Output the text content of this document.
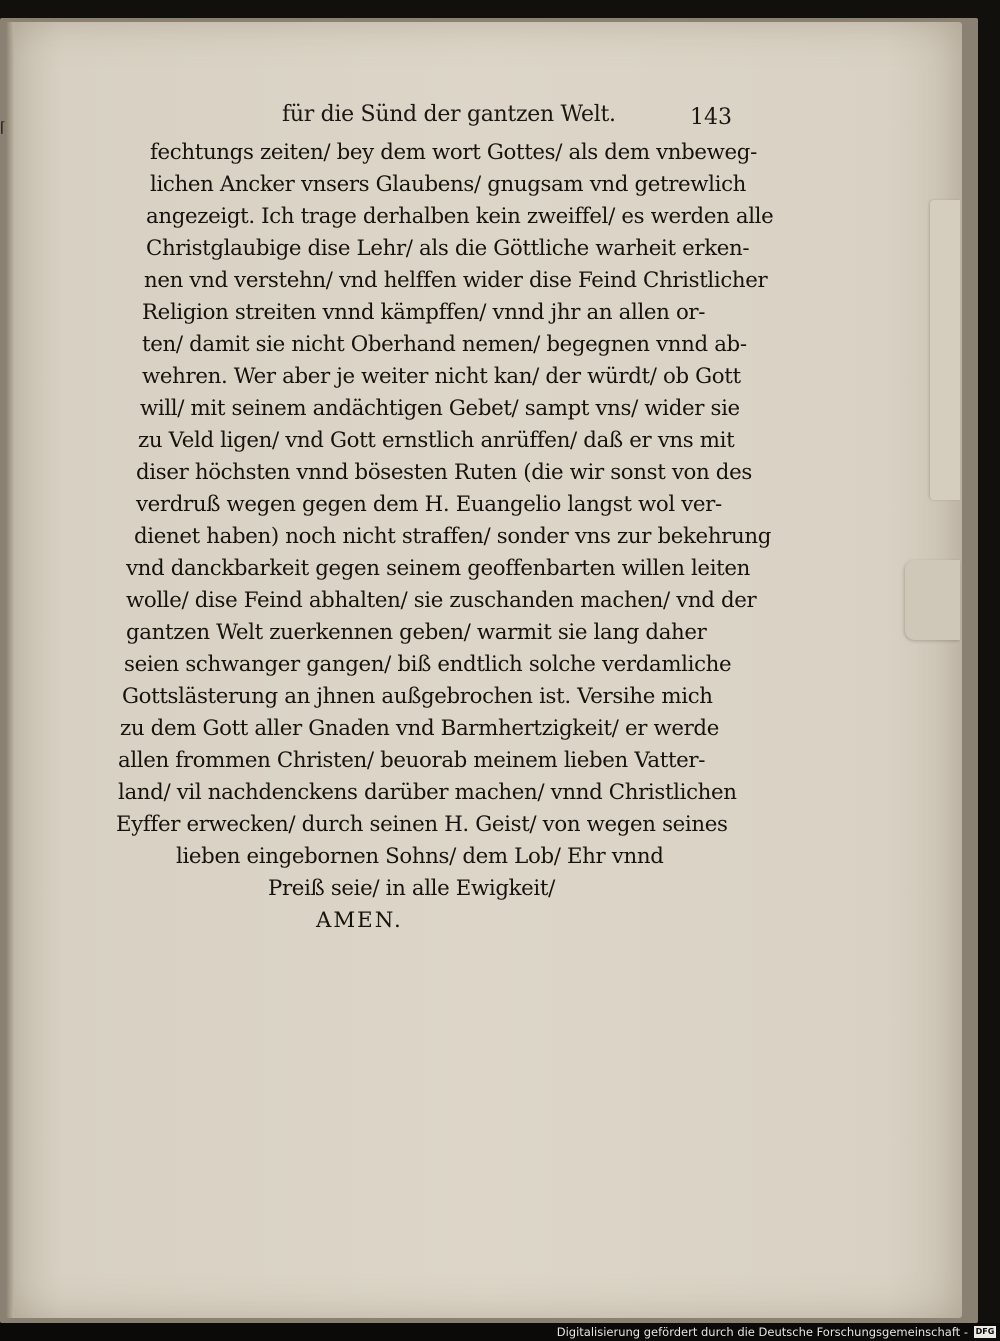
⌈
für die Sünd der gantzen Welt.	143
fechtungs zeiten/ bey dem wort Gottes/ als dem vnbeweg-
lichen Ancker vnsers Glaubens/ gnugsam vnd getrewlich
angezeigt. Ich trage derhalben kein zweiffel/ es werden alle
Christglaubige dise Lehr/ als die Göttliche warheit erken-
nen vnd verstehn/ vnd helffen wider dise Feind Christlicher
Religion streiten vnnd kämpffen/ vnnd jhr an allen or-
ten/ damit sie nicht Oberhand nemen/ begegnen vnnd ab-
wehren. Wer aber je weiter nicht kan/ der würdt/ ob Gott
will/ mit seinem andächtigen Gebet/ sampt vns/ wider sie
zu Veld ligen/ vnd Gott ernstlich anrüffen/ daß er vns mit
diser höchsten vnnd bösesten Ruten (die wir sonst von des
verdruß wegen gegen dem H. Euangelio langst wol ver-
dienet haben) noch nicht straffen/ sonder vns zur bekehrung
vnd danckbarkeit gegen seinem geoffenbarten willen leiten
wolle/ dise Feind abhalten/ sie zuschanden machen/ vnd der
gantzen Welt zuerkennen geben/ warmit sie lang daher
seien schwanger gangen/ biß endtlich solche verdamliche
Gottslästerung an jhnen außgebrochen ist. Versihe mich
zu dem Gott aller Gnaden vnd Barmhertzigkeit/ er werde
allen frommen Christen/ beuorab meinem lieben Vatter-
land/ vil nachdenckens darüber machen/ vnnd Christlichen
Eyffer erwecken/ durch seinen H. Geist/ von wegen seines
lieben eingebornen Sohns/ dem Lob/ Ehr vnnd
Preiß seie/ in alle Ewigkeit/
AMEN.
Digitalisierung gefördert durch die Deutsche Forschungsgemeinschaft - DFG
